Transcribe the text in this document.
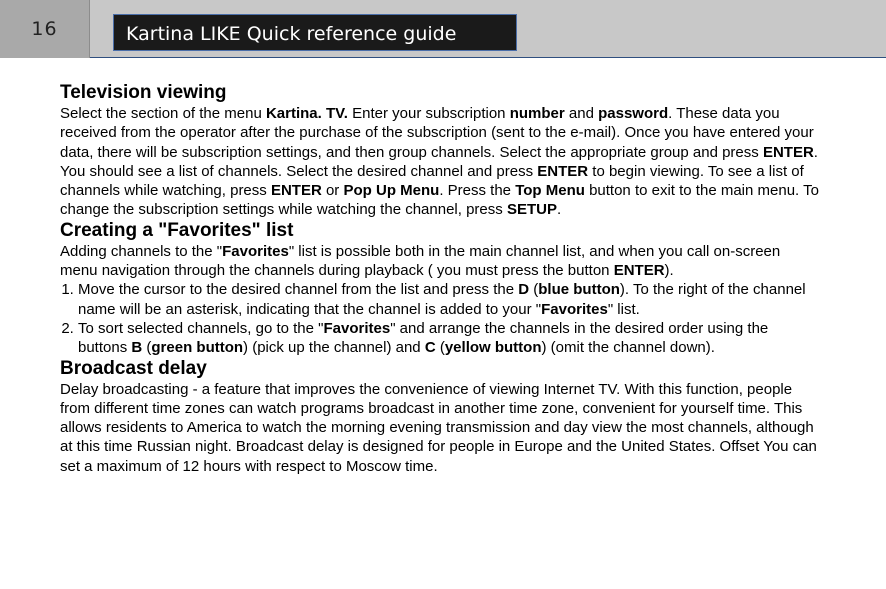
16	Kartina LIKE Quick reference guide
Television viewing

Select the section of the menu Kartina. TV. Enter your subscription number and password. These data you received from the operator after the purchase of the subscription (sent to the e-mail). Once you have entered your data, there will be subscription settings, and then group channels. Select the appropriate group and press ENTER. You should see a list of channels. Select the desired channel and press ENTER to begin viewing. To see a list of channels while watching, press ENTER or Pop Up Menu. Press the Top Menu button to exit to the main menu. To change the subscription settings while watching the channel, press SETUP.

Creating a "Favorites" list

Adding channels to the "Favorites" list is possible both in the main channel list, and when you call on-screen menu navigation through the channels during playback ( you must press the button ENTER).

1. Move the cursor to the desired channel from the list and press the D (blue button). To the right of the channel name will be an asterisk, indicating that the channel is added to your "Favorites" list.
2. To sort selected channels, go to the "Favorites" and arrange the channels in the desired order using the buttons B (green button) (pick up the channel) and C (yellow button) (omit the channel down).
Broadcast delay

Delay broadcasting - a feature that improves the convenience of viewing Internet TV. With this function, people from different time zones can watch programs broadcast in another time zone, convenient for yourself time. This allows residents to America to watch the morning evening transmission and day view the most channels, although at this time Russian night. Broadcast delay is designed for people in Europe and the United States. Offset You can set a maximum of 12 hours with respect to Moscow time.
